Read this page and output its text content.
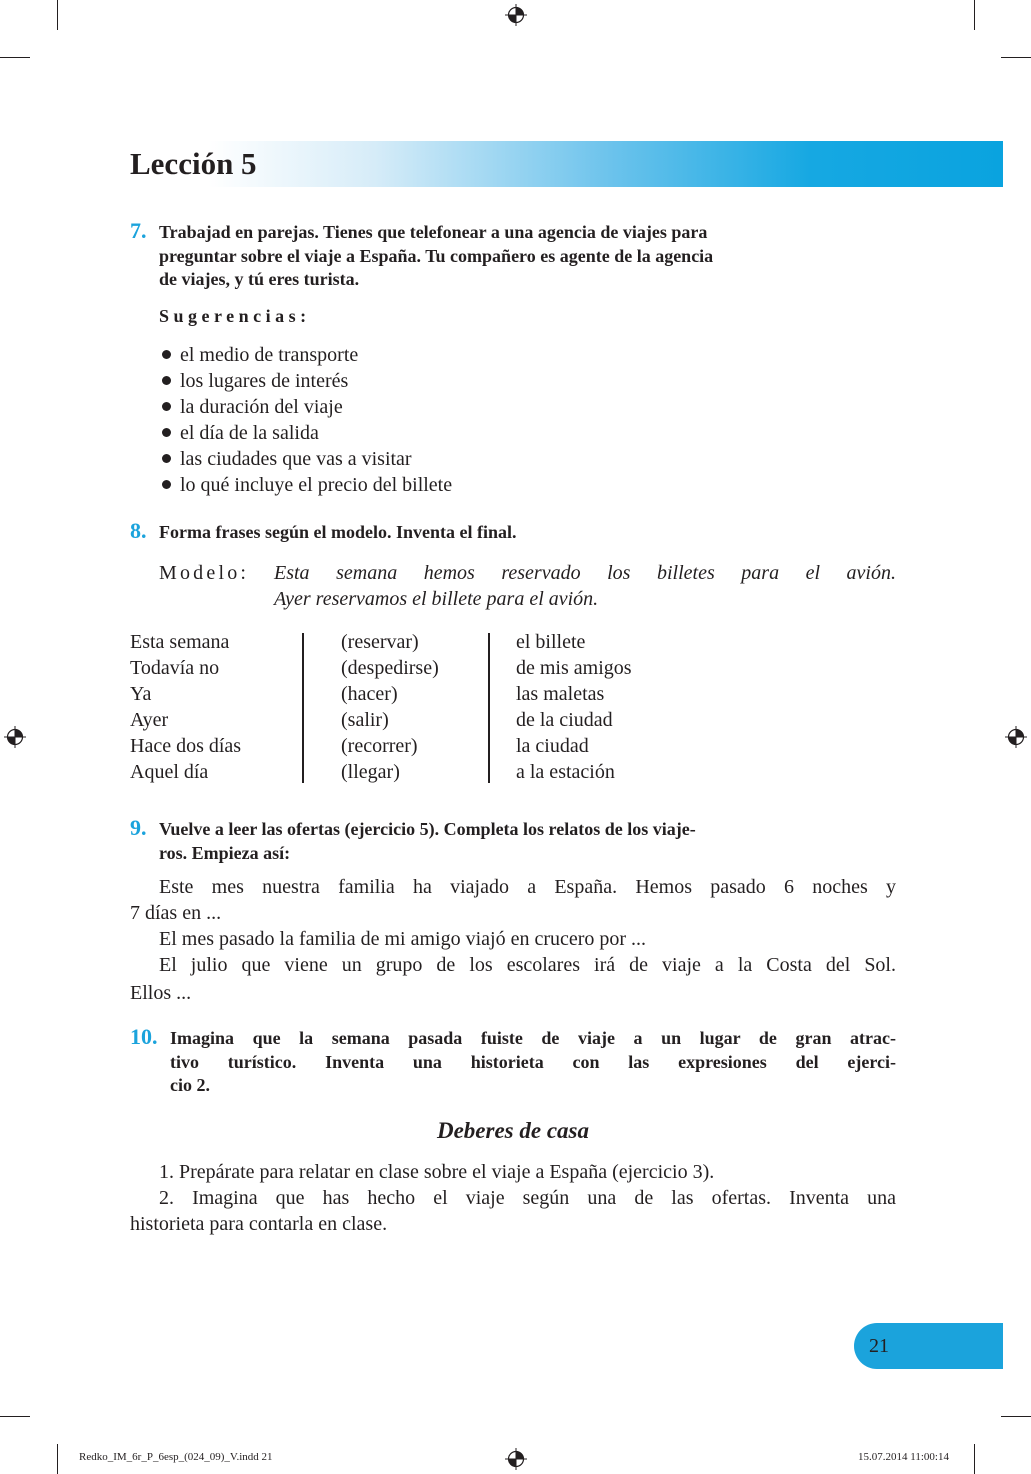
Lección 5
7. Trabajad en parejas. Tienes que telefonear a una agencia de viajes para
preguntar sobre el viaje a España. Tu compañero es agente de la agencia
de viajes, y tú eres turista.

Sugerencias:
el medio de transporte
los lugares de interés
la duración del viaje
el día de la salida
las ciudades que vas a visitar
lo qué incluye el precio del billete
8. Forma frases según el modelo. Inventa el final.

Modelo: Esta semana hemos reservado los billetes para el avión.
Ayer reservamos el billete para el avión.
Esta semana
Todavía no
Ya
Ayer
Hace dos días
Aquel día
(reservar)
(despedirse)
(hacer)
(salir)
(recorrer)
(llegar)
el billete
de mis amigos
las maletas
de la ciudad
la ciudad
a la estación
9. Vuelve a leer las ofertas (ejercicio 5). Completa los relatos de los viaje-
ros. Empieza así:

Este mes nuestra familia ha viajado a España. Hemos pasado 6 noches y
7 días en ...
El mes pasado la familia de mi amigo viajó en crucero por ...
El julio que viene un grupo de los escolares irá de viaje a la Costa del Sol.
Ellos ...
10. Imagina que la semana pasada fuiste de viaje a un lugar de gran atrac-
tivo turístico. Inventa una historieta con las expresiones del ejerci-
cio 2.

Deberes de casa
1. Prepárate para relatar en clase sobre el viaje a España (ejercicio 3).
2. Imagina que has hecho el viaje según una de las ofertas. Inventa una
historieta para contarla en clase.
21
Redko_IM_6r_P_6esp_(024_09)_V.indd 21	15.07.2014 11:00:14
